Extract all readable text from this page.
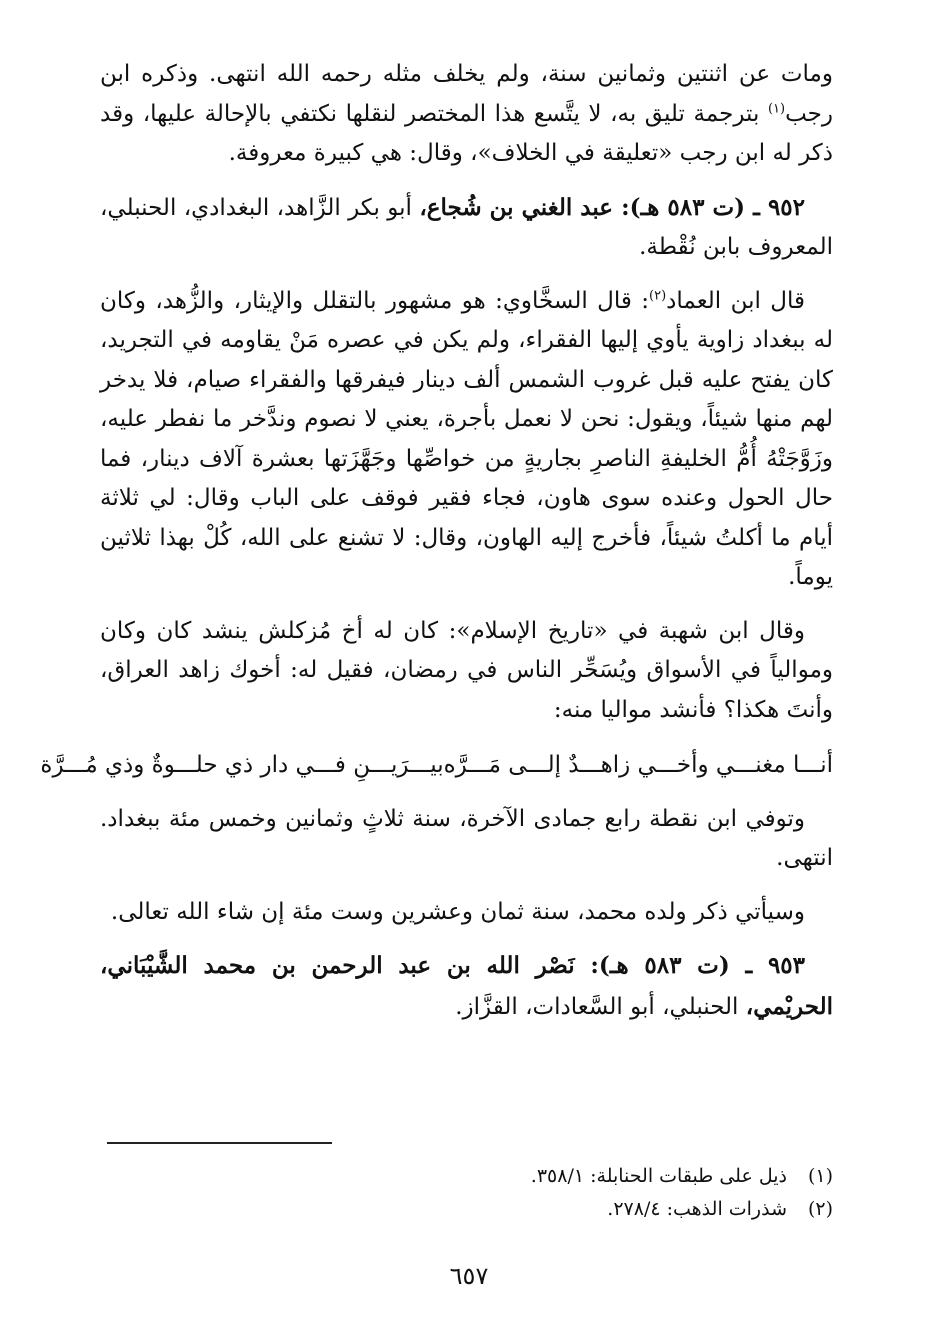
ومات عن اثنتين وثمانين سنة، ولم يخلف مثله رحمه الله انتهى. وذكره ابن رجب$^{(١)}$ بترجمة تليق به، لا يتَّسع هذا المختصر لنقلها نكتفي بالإحالة عليها، وقد ذكر له ابن رجب «تعليقة في الخلاف»، وقال: هي كبيرة معروفة.

٩٥٢ ـ (ت ٥٨٣ هـ): عبد الغني بن شُجاع، أبو بكر الزَّاهد، البغدادي، الحنبلي، المعروف بابن نُقْطة.

قال ابن العماد$^{(٢)}$: قال السخَّاوي: هو مشهور بالتقلل والإيثار، والزُّهد، وكان له ببغداد زاوية يأوي إليها الفقراء، ولم يكن في عصره مَنْ يقاومه في التجريد، كان يفتح عليه قبل غروب الشمس ألف دينار فيفرقها والفقراء صيام، فلا يدخر لهم منها شيئاً، ويقول: نحن لا نعمل بأجرة، يعني لا نصوم وندَّخر ما نفطر عليه، وزَوَّجَتْهُ أُمُّ الخليفةِ الناصرِ بجاريةٍ من خواصِّها وجَهَّزَتها بعشرة آلاف دينار، فما حال الحول وعنده سوى هاون، فجاء فقير فوقف على الباب وقال: لي ثلاثة أيام ما أكلتُ شيئاً، فأخرج إليه الهاون، وقال: لا تشنع على الله، كُلْ بهذا ثلاثين يوماً.

وقال ابن شهبة في «تاريخ الإسلام»: كان له أخ مُزكلش ينشد كان وكان وموالياً في الأسواق ويُسَحِّر الناس في رمضان، فقيل له: أخوك زاهد العراق، وأنتَ هكذا؟ فأنشد مواليا منه:

أنـــا مغنـــي وأخـــي زاهـــدٌ إلـــى مَـــرَّه
بيـــرَيـــنِ فـــي دار ذي حلـــوةٌ وذي مُـــرَّة

وتوفي ابن نقطة رابع جمادى الآخرة، سنة ثلاثٍ وثمانين وخمس مئة ببغداد. انتهى.

وسيأتي ذكر ولده محمد، سنة ثمان وعشرين وست مئة إن شاء الله تعالى.

٩٥٣ ـ (ت ٥٨٣ هـ): نَصْر الله بن عبد الرحمن بن محمد الشَّيْبَاني، الحريْمي، الحنبلي، أبو السَّعادات، القزَّاز.

(١)
ذيل على طبقات الحنابلة: ٣٥٨/١.
(٢)
شذرات الذهب: ٢٧٨/٤.
٦٥٧
